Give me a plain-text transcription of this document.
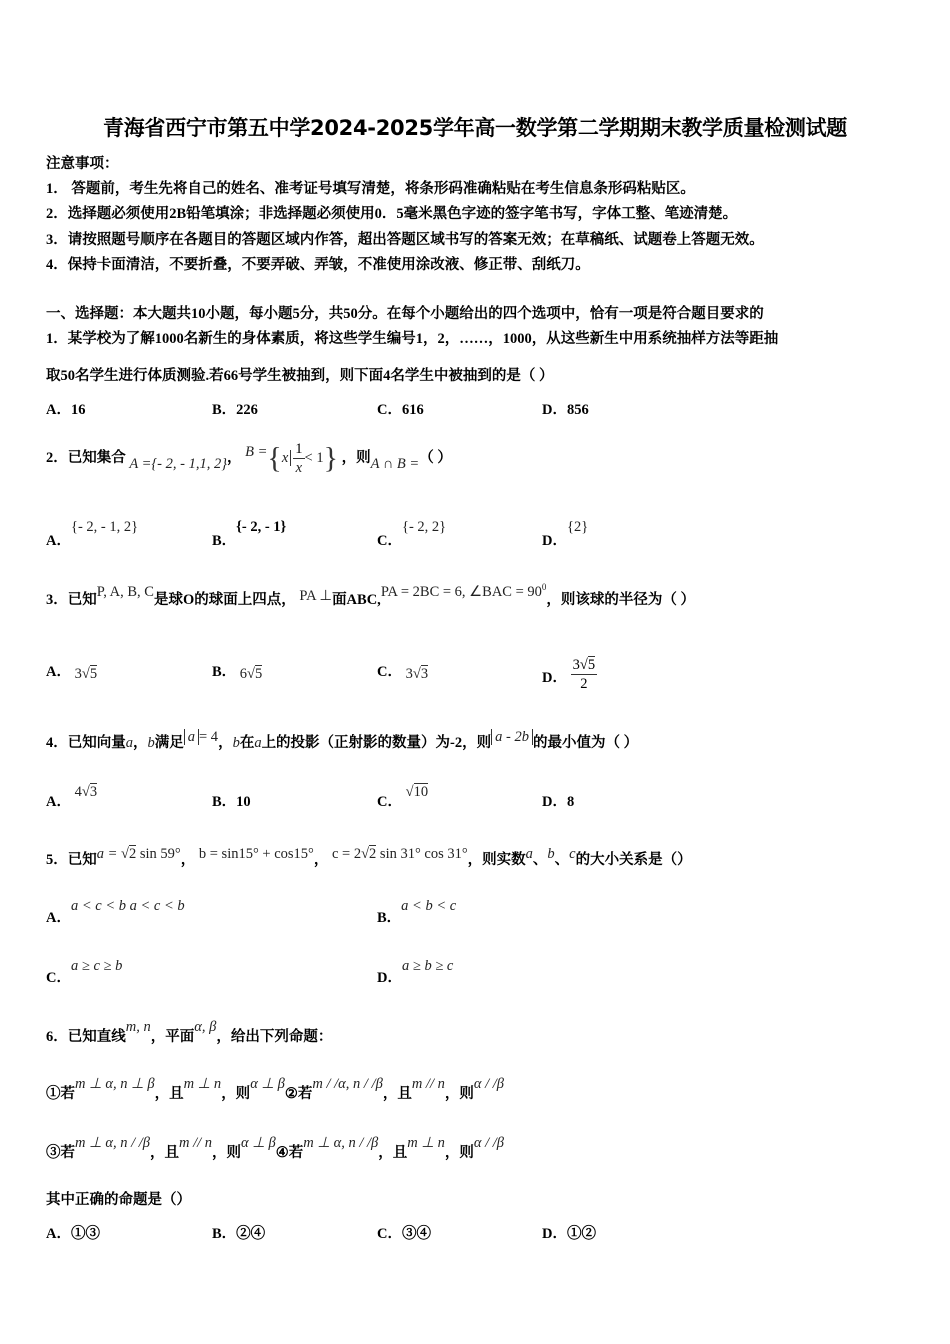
青海省西宁市第五中学2024-2025学年高一数学第二学期期末教学质量检测试题
注意事项：
1． 答题前，考生先将自己的姓名、准考证号填写清楚，将条形码准确粘贴在考生信息条形码粘贴区。
2．选择题必须使用2B铅笔填涂；非选择题必须使用0．5毫米黑色字迹的签字笔书写，字体工整、笔迹清楚。
3．请按照题号顺序在各题目的答题区域内作答，超出答题区域书写的答案无效；在草稿纸、试题卷上答题无效。
4．保持卡面清洁，不要折叠，不要弄破、弄皱，不准使用涂改液、修正带、刮纸刀。
一、选择题：本大题共10小题，每小题5分，共50分。在每个小题给出的四个选项中，恰有一项是符合题目要求的
1．某学校为了解1000名新生的身体素质，将这些学生编号1，2，……，1000，从这些新生中用系统抽样方法等距抽
取50名学生进行体质测验.若66号学生被抽到，则下面4名学生中被抽到的是（ ）
A．16	B．226	C．616	D．856
2．已知集合 A ={- 2, - 1,1, 2}， $B =\{x \frac{1}{x} < 1\}$ ，则A ∩ B =（ ）
A．{- 2, - 1, 2}
B．{- 2, - 1}
C．{- 2, 2}
D．{2}
3．已知P, A, B, C是球O的球面上四点， PA ⊥面ABC,PA = 2BC = 6, ∠BAC = $90^0$，则该球的半径为（ ）
A． 3√5	B． 6√5	C． 3√3	D． $\frac{3√5}{2}$
4．已知向量a，b满足 a = 4，b在a上的投影（正射影的数量）为-2，则 a - 2b 的最小值为（ ）
A． 4√3
B．10	C． √10
D．8
5．已知a = √2 sin 59°， b = sin15° + cos15°， c = 2√2 sin 31° cos 31°，则实数a、b、c的大小关系是（）
A．a < c < b a < c < b
B．a < b < c
C．a ≥ c ≥ b
D．a ≥ b ≥ c
6．已知直线m, n，平面α, β，给出下列命题：
①若m ⊥ α, n ⊥ β，且m ⊥ n，则α ⊥ β②若m / /α, n / /β，且m // n，则α / /β
③若m ⊥ α, n / /β，且m // n，则α ⊥ β④若m ⊥ α, n / /β，且m ⊥ n，则α / /β
其中正确的命题是（）
A．①③	B．②④	C．③④	D．①②
